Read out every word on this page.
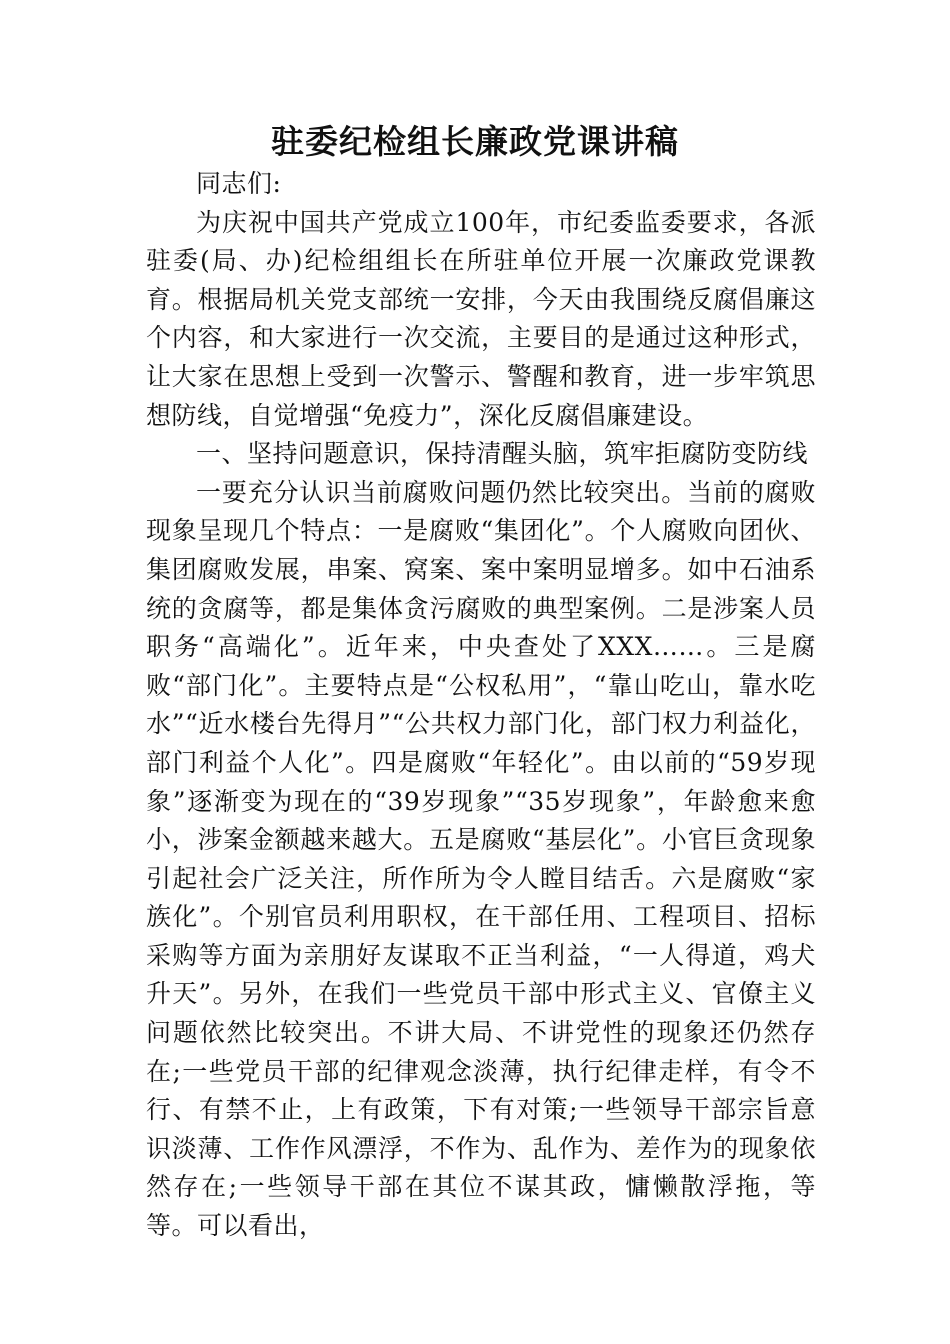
驻委纪检组长廉政党课讲稿

同志们:

为庆祝中国共产党成立100年，市纪委监委要求，各派驻委(局、办)纪检组组长在所驻单位开展一次廉政党课教育。根据局机关党支部统一安排，今天由我围绕反腐倡廉这个内容，和大家进行一次交流，主要目的是通过这种形式，让大家在思想上受到一次警示、警醒和教育，进一步牢筑思想防线，自觉增强“免疫力”，深化反腐倡廉建设。

一、坚持问题意识，保持清醒头脑，筑牢拒腐防变防线

一要充分认识当前腐败问题仍然比较突出。当前的腐败现象呈现几个特点：一是腐败“集团化”。个人腐败向团伙、集团腐败发展，串案、窝案、案中案明显增多。如中石油系统的贪腐等，都是集体贪污腐败的典型案例。二是涉案人员职务“高端化”。近年来，中央查处了XXX……。三是腐败“部门化”。主要特点是“公权私用”，“靠山吃山，靠水吃水”“近水楼台先得月”“公共权力部门化，部门权力利益化，部门利益个人化”。四是腐败“年轻化”。由以前的“59岁现象”逐渐变为现在的“39岁现象”“35岁现象”，年龄愈来愈小，涉案金额越来越大。五是腐败“基层化”。小官巨贪现象引起社会广泛关注，所作所为令人瞠目结舌。六是腐败“家族化”。个别官员利用职权，在干部任用、工程项目、招标采购等方面为亲朋好友谋取不正当利益，“一人得道，鸡犬升天”。另外，在我们一些党员干部中形式主义、官僚主义问题依然比较突出。不讲大局、不讲党性的现象还仍然存在;一些党员干部的纪律观念淡薄，执行纪律走样，有令不行、有禁不止，上有政策，下有对策;一些领导干部宗旨意识淡薄、工作作风漂浮，不作为、乱作为、差作为的现象依然存在;一些领导干部在其位不谋其政，慵懒散浮拖，等等。可以看出，
